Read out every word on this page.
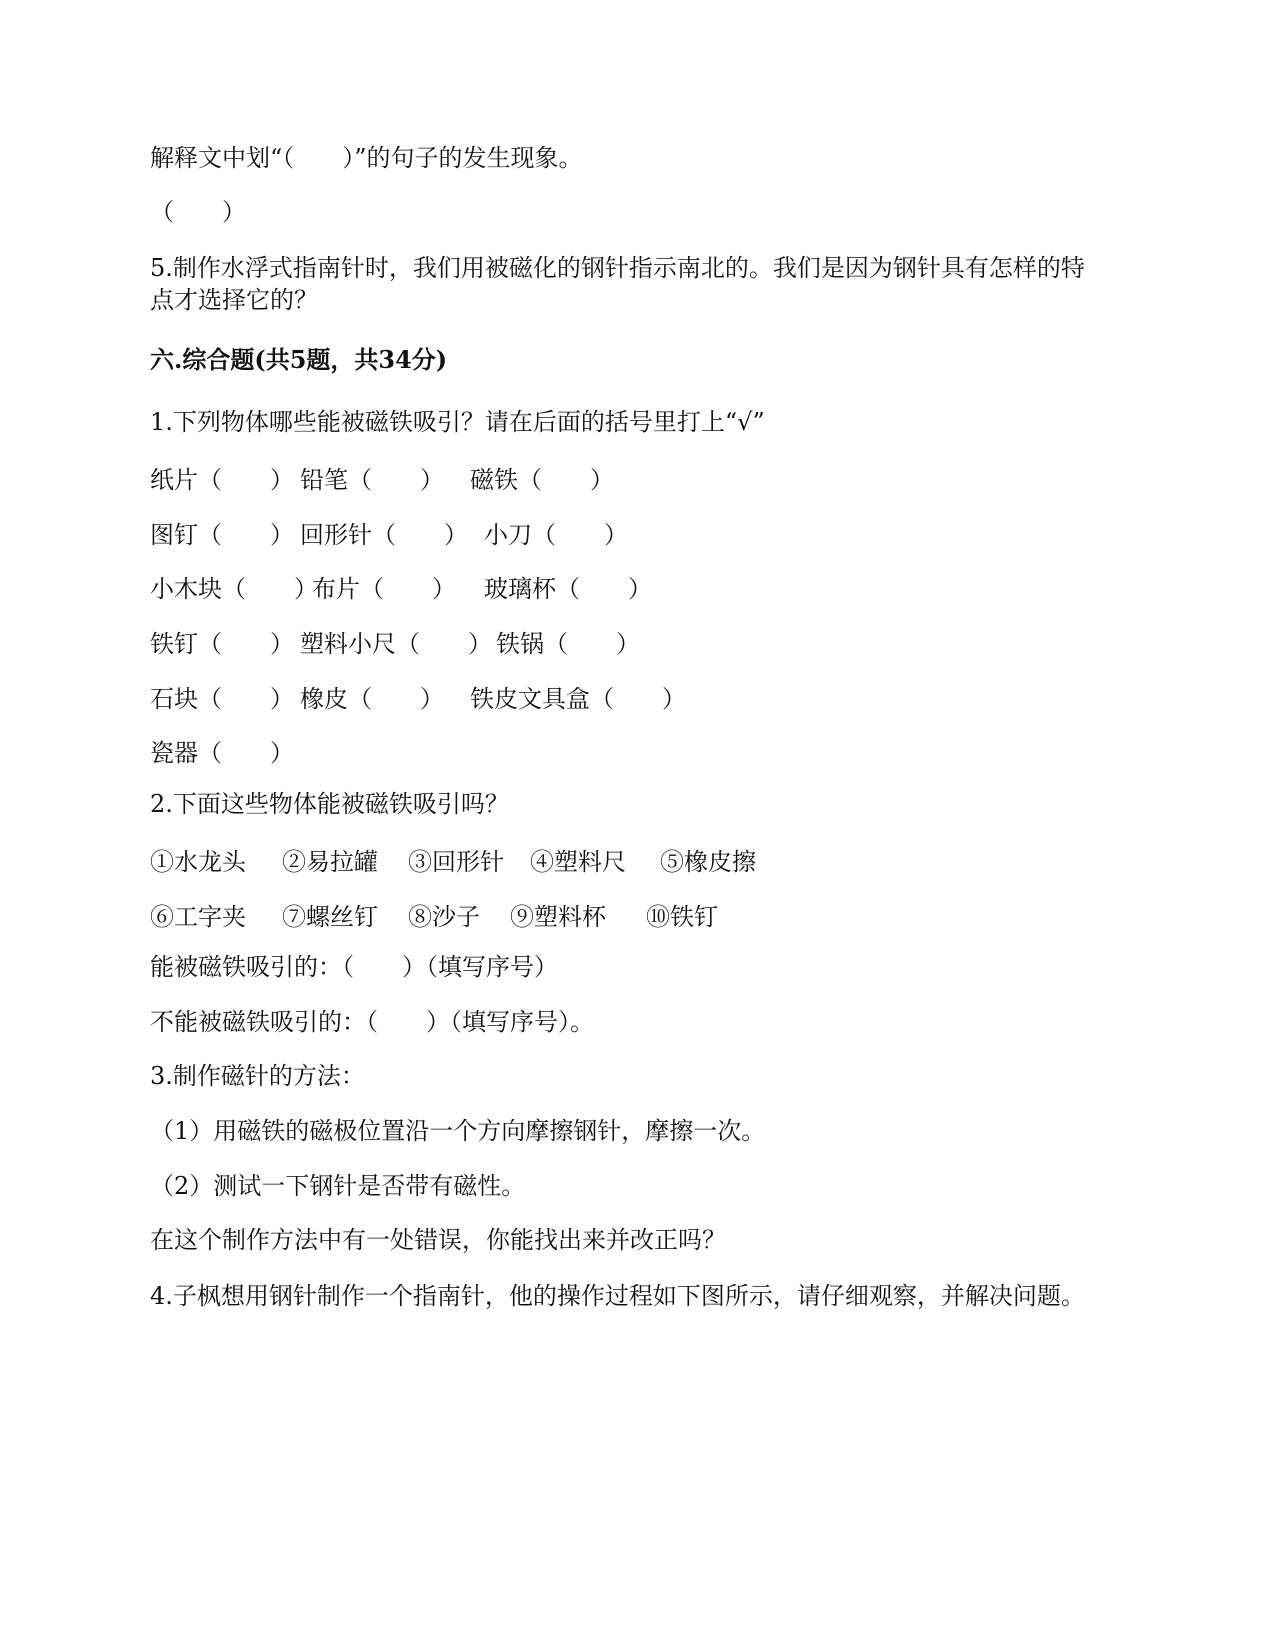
解释文中划“（　　）”的句子的发生现象。
（　　）
5.制作水浮式指南针时，我们用被磁化的钢针指示南北的。我们是因为钢针具有怎样的特
点才选择它的？
六.综合题(共5题，共34分)
1.下列物体哪些能被磁铁吸引？请在后面的括号里打上“√”
纸片（　　） 铅笔（　　） 磁铁（　　）
图钉（　　） 回形针（　　） 小刀（　　）
小木块（　　）
布片（　　） 玻璃杯（　　）
铁钉（　　） 塑料小尺（　　） 铁锅（　　）
石块（　　） 橡皮（　　） 铁皮文具盒（　　）
瓷器（　　）
2.下面这些物体能被磁铁吸引吗？
①水龙头 ②易拉罐 ③回形针 ④塑料尺 ⑤橡皮擦
⑥工字夹 ⑦螺丝钉 ⑧沙子 ⑨塑料杯 ⑩铁钉
能被磁铁吸引的：（　　）（填写序号）
不能被磁铁吸引的：（　　）（填写序号）。
3.制作磁针的方法：
（1）用磁铁的磁极位置沿一个方向摩擦钢针，摩擦一次。
（2）测试一下钢针是否带有磁性。
在这个制作方法中有一处错误，你能找出来并改正吗？
4.子枫想用钢针制作一个指南针，他的操作过程如下图所示，请仔细观察，并解决问题。
